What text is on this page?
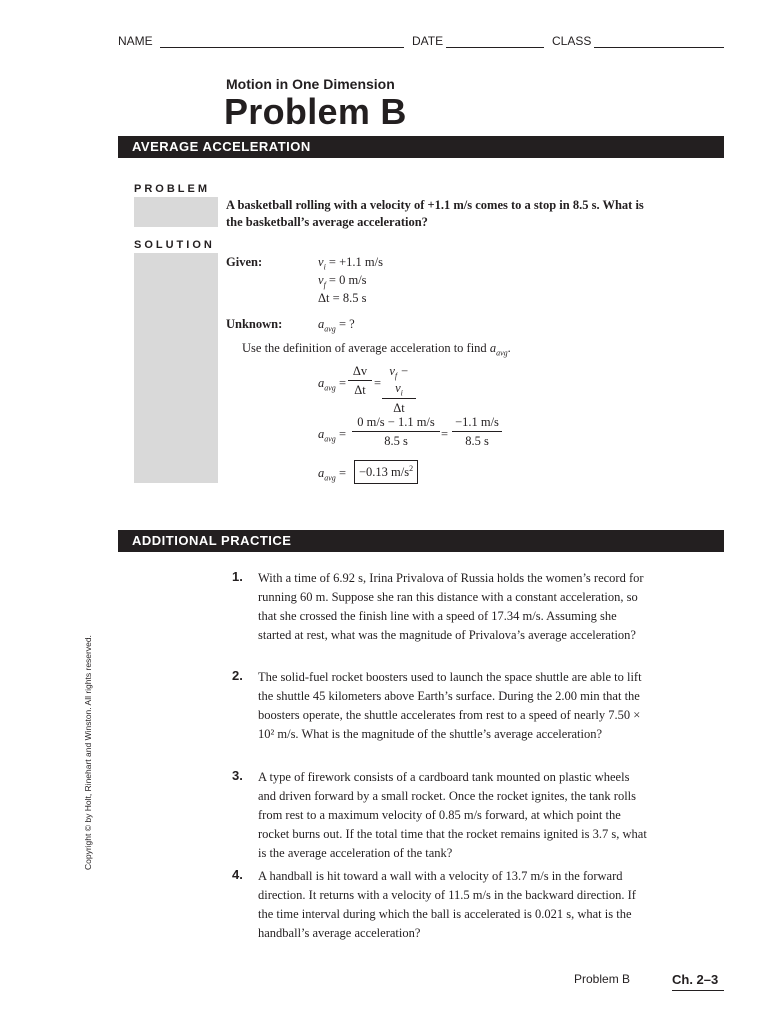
NAME	DATE	CLASS
Motion in One Dimension
Problem B
AVERAGE ACCELERATION
PROBLEM
A basketball rolling with a velocity of +1.1 m/s comes to a stop in 8.5 s. What is the basketball’s average acceleration?
SOLUTION
Given:	$v_i = +1.1$ m/s
$v_f = 0$ m/s
Δt = 8.5 s
Unknown:	$a_{avg}$ = ?
Use the definition of average acceleration to find $a_{avg}$.
$a_{avg} = \frac{\Delta v}{\Delta t} = \frac{v_f - v_i}{\Delta t}$
$a_{avg} = \frac{0 m/s - 1.1 m/s}{8.5 s} = \frac{-1.1 m/s}{8.5 s}$
$a_{avg}$ =	−0.13 $m/s^2$
ADDITIONAL PRACTICE
1. With a time of 6.92 s, Irina Privalova of Russia holds the women’s record for running 60 m. Suppose she ran this distance with a constant acceleration, so that she crossed the finish line with a speed of 17.34 m/s. Assuming she started at rest, what was the magnitude of Privalova’s average acceleration?
2. The solid-fuel rocket boosters used to launch the space shuttle are able to lift the shuttle 45 kilometers above Earth’s surface. During the 2.00 min that the boosters operate, the shuttle accelerates from rest to a speed of nearly 7.50 × 10² m/s. What is the magnitude of the shuttle’s average acceleration?
3. A type of firework consists of a cardboard tank mounted on plastic wheels and driven forward by a small rocket. Once the rocket ignites, the tank rolls from rest to a maximum velocity of 0.85 m/s forward, at which point the rocket burns out. If the total time that the rocket remains ignited is 3.7 s, what is the average acceleration of the tank?
4. A handball is hit toward a wall with a velocity of 13.7 m/s in the forward direction. It returns with a velocity of 11.5 m/s in the backward direction. If the time interval during which the ball is accelerated is 0.021 s, what is the handball’s average acceleration?
Copyright © by Holt, Rinehart and Winston. All rights reserved.
Problem B	Ch. 2–3
